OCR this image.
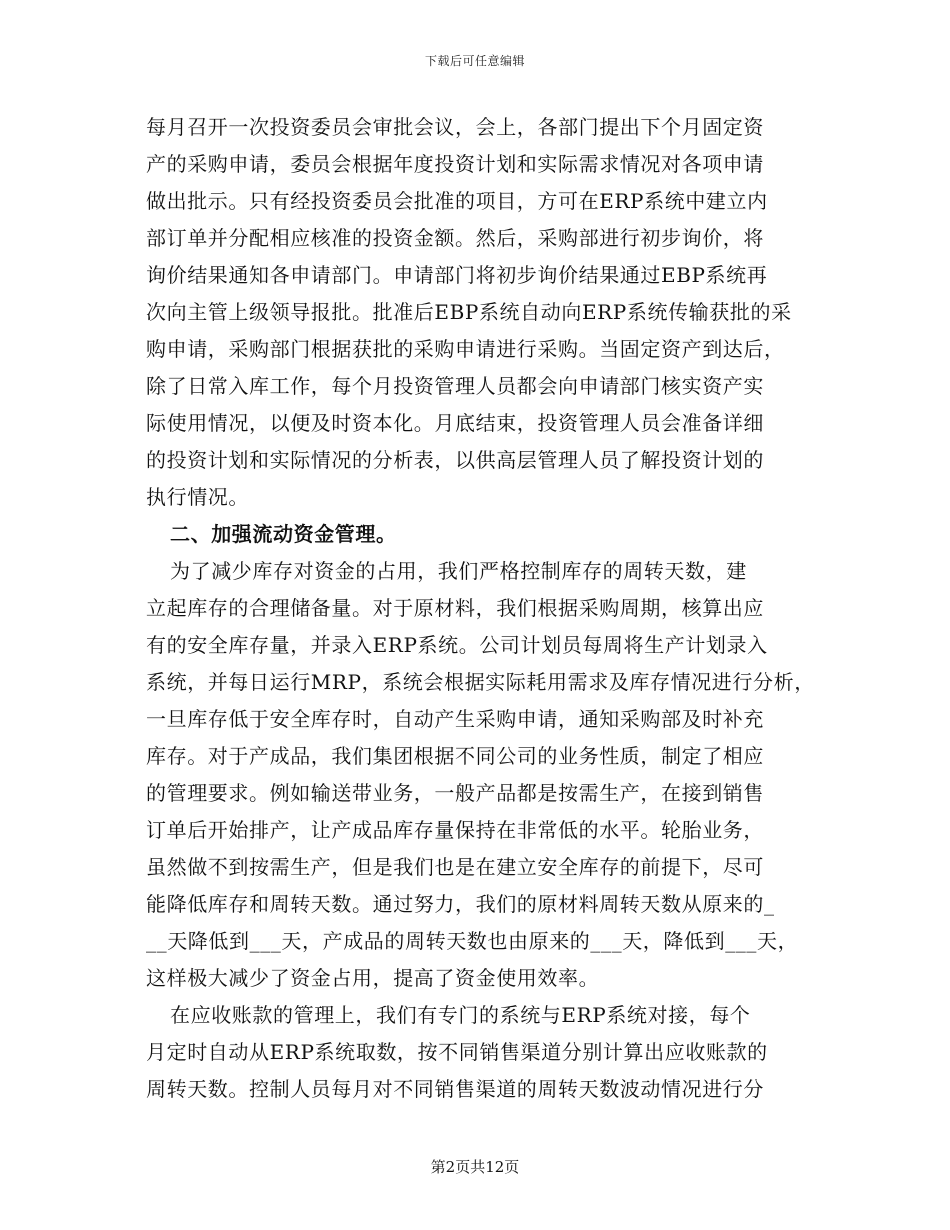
下载后可任意编辑
每月召开一次投资委员会审批会议，会上，各部门提出下个月固定资
产的采购申请，委员会根据年度投资计划和实际需求情况对各项申请
做出批示。只有经投资委员会批准的项目，方可在ERP系统中建立内
部订单并分配相应核准的投资金额。然后，采购部进行初步询价，将
询价结果通知各申请部门。申请部门将初步询价结果通过EBP系统再
次向主管上级领导报批。批准后EBP系统自动向ERP系统传输获批的采
购申请，采购部门根据获批的采购申请进行采购。当固定资产到达后，
除了日常入库工作，每个月投资管理人员都会向申请部门核实资产实
际使用情况，以便及时资本化。月底结束，投资管理人员会准备详细
的投资计划和实际情况的分析表，以供高层管理人员了解投资计划的
执行情况。
二、加强流动资金管理。
为了减少库存对资金的占用，我们严格控制库存的周转天数，建
立起库存的合理储备量。对于原材料，我们根据采购周期，核算出应
有的安全库存量，并录入ERP系统。公司计划员每周将生产计划录入
系统，并每日运行MRP，系统会根据实际耗用需求及库存情况进行分析，
一旦库存低于安全库存时，自动产生采购申请，通知采购部及时补充
库存。对于产成品，我们集团根据不同公司的业务性质，制定了相应
的管理要求。例如输送带业务，一般产品都是按需生产，在接到销售
订单后开始排产，让产成品库存量保持在非常低的水平。轮胎业务，
虽然做不到按需生产，但是我们也是在建立安全库存的前提下，尽可
能降低库存和周转天数。通过努力，我们的原材料周转天数从原来的_
__天降低到___天，产成品的周转天数也由原来的___天，降低到___天，
这样极大减少了资金占用，提高了资金使用效率。
在应收账款的管理上，我们有专门的系统与ERP系统对接，每个
月定时自动从ERP系统取数，按不同销售渠道分别计算出应收账款的
周转天数。控制人员每月对不同销售渠道的周转天数波动情况进行分
第2页共12页
